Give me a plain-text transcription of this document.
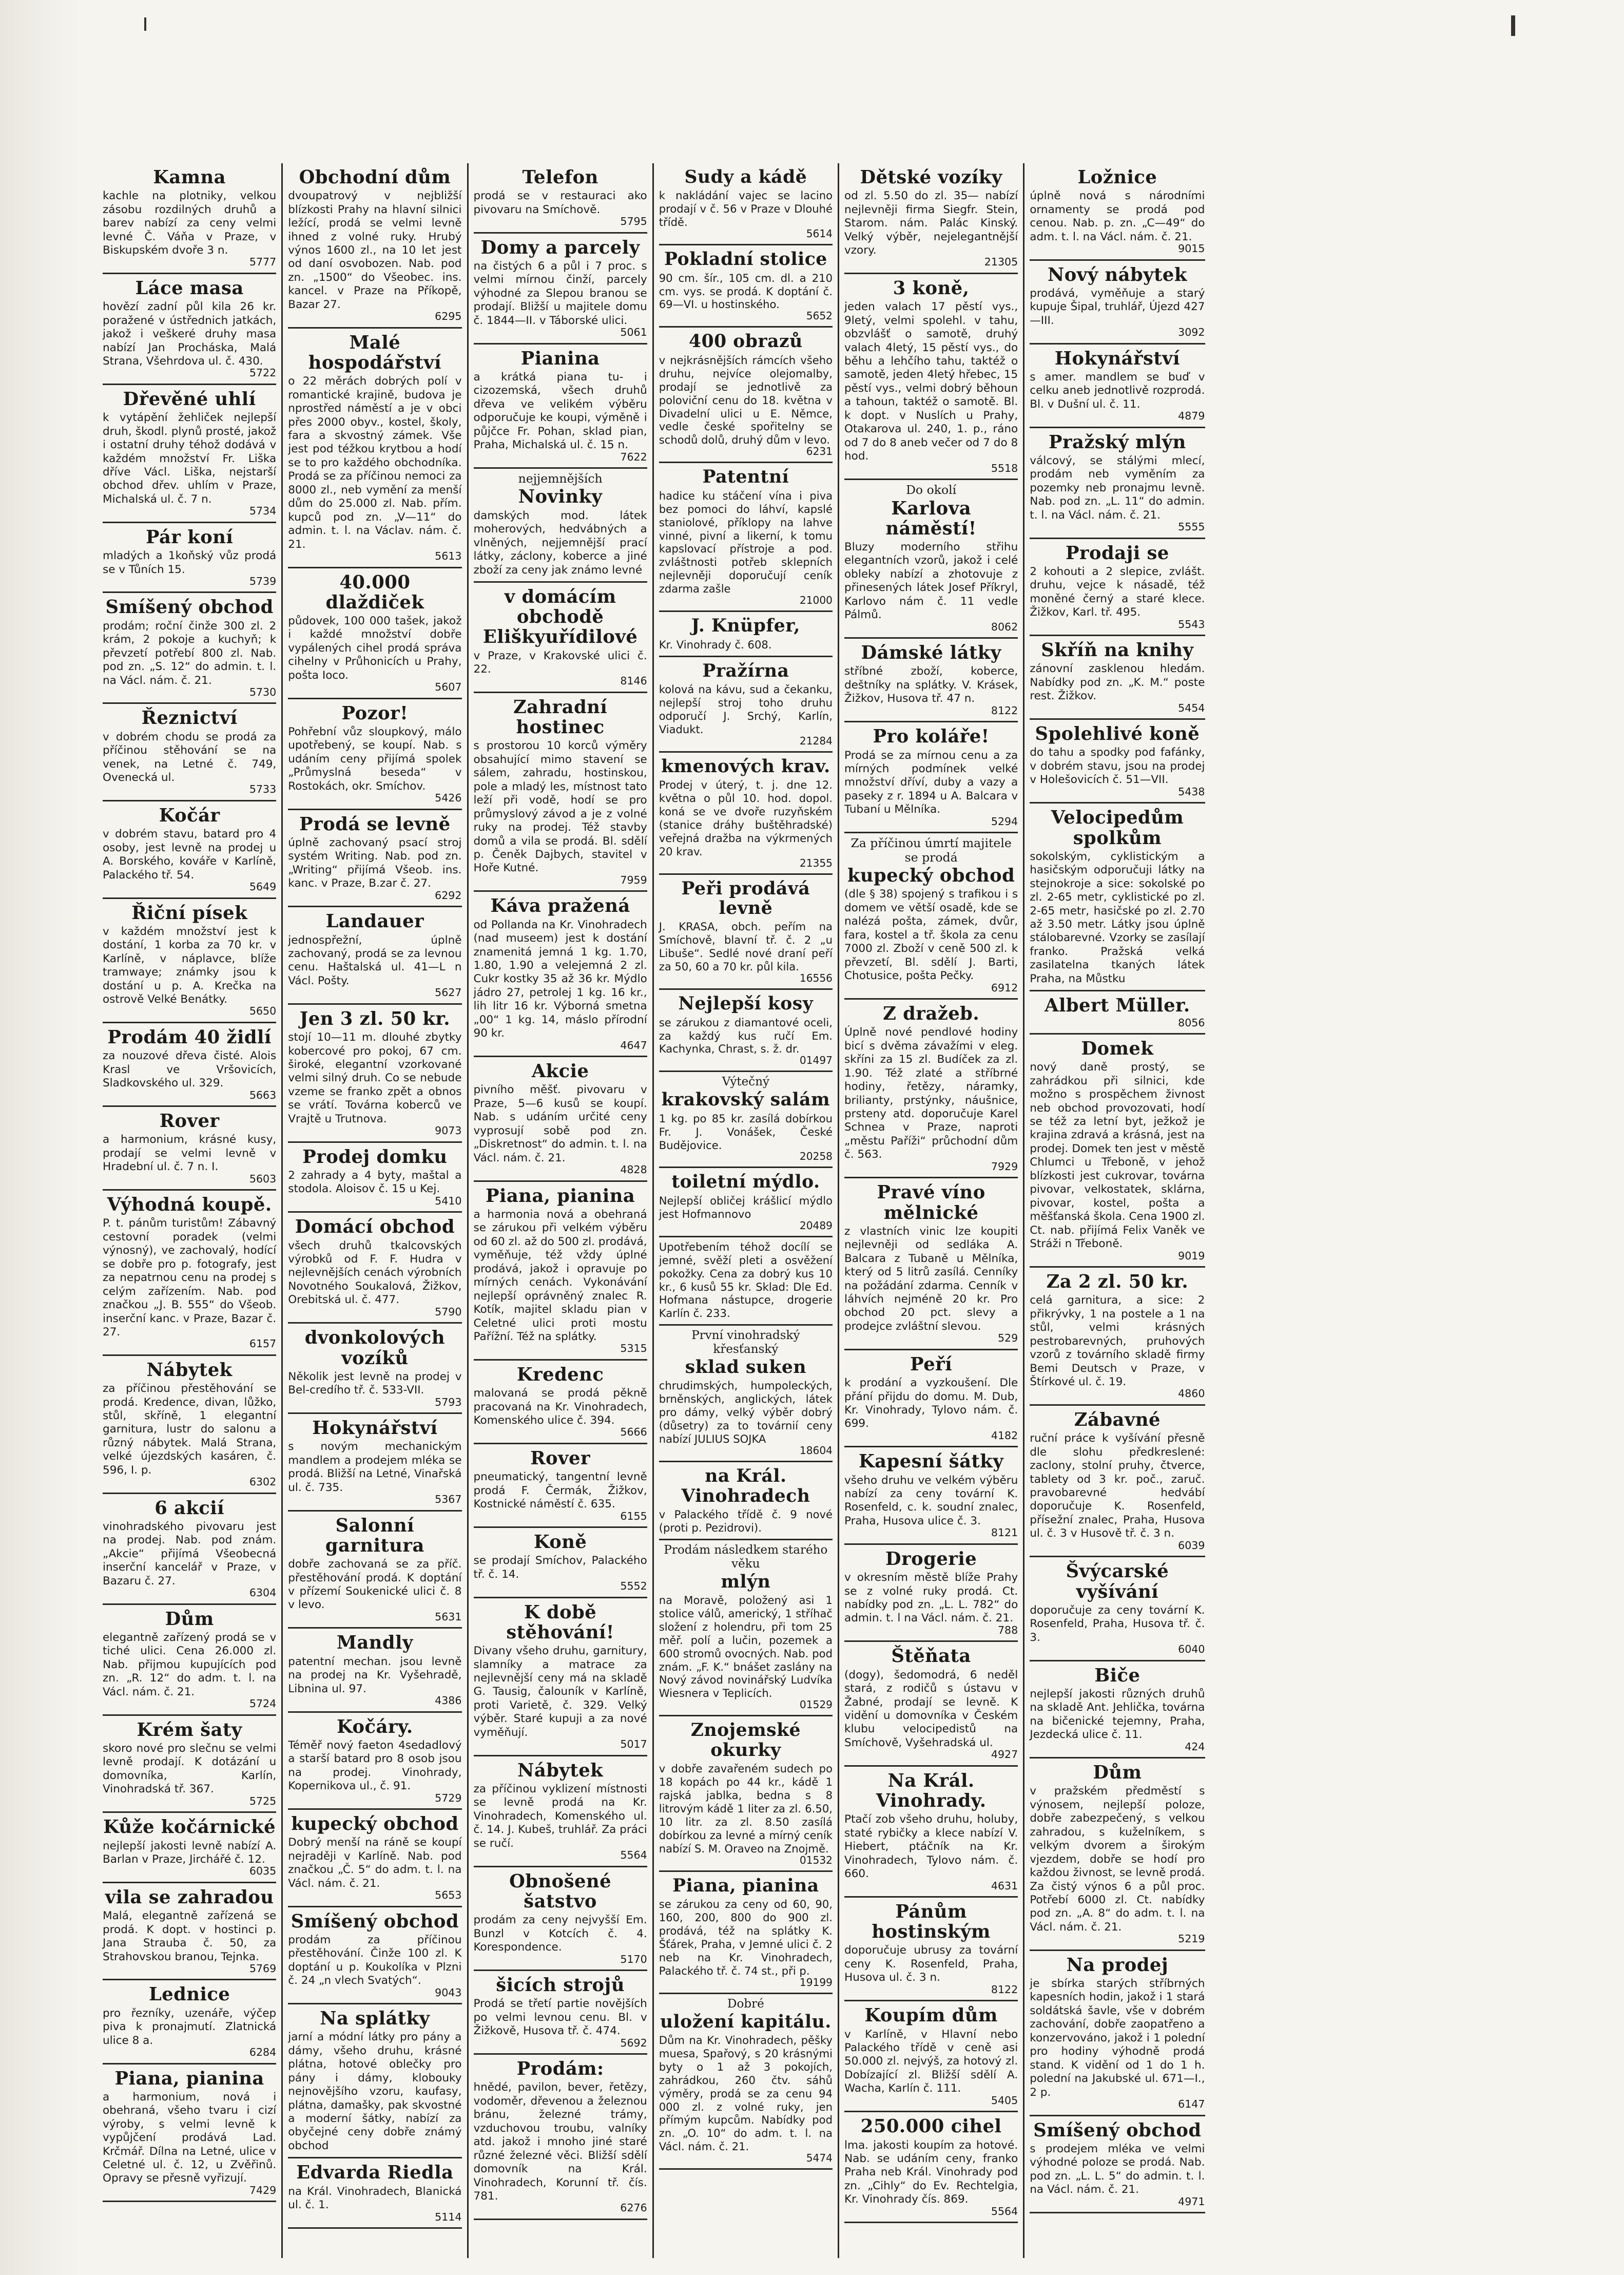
Kamna
kachle na plotniky, velkou zásobu rozdilných druhů a barev nabízí za ceny velmi levné Č. Váňa v Praze, v Biskupském dvoře 3 n.
5777
Láce masa
hovězí zadní půl kila 26 kr. poražené v ústřednich jatkách, jakož i veškeré druhy masa nabízí Jan Procháska, Malá Strana, Všehrdova ul. č. 430.
5722
Dřevěné uhlí
k vytápění žehliček nejlepší druh, škodl. plynů prosté, jakož i ostatní druhy téhož dodává v každém množství Fr. Liška dříve Václ. Liška, nejstarší obchod dřev. uhlím v Praze, Michalská ul. č. 7 n.
5734
Pár koní
mladých a 1koňský vůz prodá se v Tůních 15.
5739
Smíšený obchod
prodám; roční činže 300 zl. 2 krám, 2 pokoje a kuchyň; k převzetí potřebí 800 zl. Nab. pod zn. „S. 12“ do admin. t. l. na Václ. nám. č. 21.
5730
Řeznictví
v dobrém chodu se prodá za příčinou stěhování se na venek, na Letné č. 749, Ovenecká ul.
5733
Kočár
v dobrém stavu, batard pro 4 osoby, jest levně na prodej u A. Borského, kováře v Karlíně, Palackého tř. 54.
5649
Řiční písek
v každém množství jest k dostání, 1 korba za 70 kr. v Karlíně, v náplavce, blíže tramwaye; známky jsou k dostání u p. A. Krečka na ostrově Velké Benátky.
5650
Prodám 40 židlí
za nouzové dřeva čisté. Alois Krasl ve Vršovicích, Sladkovského ul. 329.
5663
Rover
a harmonium, krásné kusy, prodají se velmi levně v Hradební ul. č. 7 n. I.
5603
Výhodná koupě.
P. t. pánům turistům! Zábavný cestovní poradek (velmi výnosný), ve zachovalý, hodící se dobře pro p. fotografy, jest za nepatrnou cenu na prodej s celým zařízením. Nab. pod značkou „J. B. 555“ do Všeob. inserční kanc. v Praze, Bazar č. 27.
6157
Nábytek
za příčinou přestěhování se prodá. Kredence, divan, lůžko, stůl, skříně, 1 elegantní garnitura, lustr do salonu a různý nábytek. Malá Strana, velké újezdských kasáren, č. 596, I. p.
6302
6 akcií
vinohradského pivovaru jest na prodej. Nab. pod znám. „Akcie“ přijímá Všeobecná inserční kancelář v Praze, v Bazaru č. 27.
6304
Dům
elegantně zařízený prodá se v tiché ulici. Cena 26.000 zl. Nab. přijmou kupujících pod zn. „R. 12“ do adm. t. l. na Václ. nám. č. 21.
5724
Krém šaty
skoro nové pro slečnu se velmi levně prodají. K dotázání u domovníka, Karlín, Vinohradská tř. 367.
5725
Kůže kočárnické
nejlepší jakosti levně nabízí A. Barlan v Praze, Jirchářé č. 12.
6035
vila se zahradou
Malá, elegantně zařízená se prodá. K dopt. v hostinci p. Jana Strauba č. 50, za Strahovskou branou, Tejnka.
5769
Lednice
pro řezníky, uzenáře, výčep piva k pronajmutí. Zlatnická ulice 8 a.
6284
Piana, pianina
a harmonium, nová i obehraná, všeho tvaru i cizí výroby, s velmi levně k vypůjčení prodává Lad. Krčmář. Dílna na Letné, ulice v Celetné ul. č. 12, u Zvěřinů. Opravy se přesně vyřizují.
7429
Obchodní dům
dvoupatrový v nejbližší blízkosti Prahy na hlavní silnici ležící, prodá se velmi levně ihned z volné ruky. Hrubý výnos 1600 zl., na 10 let jest od daní osvobozen. Nab. pod zn. „1500“ do Všeobec. ins. kancel. v Praze na Příkopě, Bazar 27.
6295
Malé hospodářství
o 22 měrách dobrých polí v romantické krajině, budova je nprostřed náměstí a je v obci přes 2000 obyv., kostel, školy, fara a skvostný zámek. Vše jest pod téžkou krytbou a hodí se to pro každého obchodníka. Prodá se za příčinou nemoci za 8000 zl., neb vymění za menší dům do 25.000 zl. Nab. přím. kupců pod zn. „V—11“ do admin. t. l. na Václav. nám. č. 21.
5613
40.000 dlaždiček
půdovek, 100 000 tašek, jakož i každé množství dobře vypálených cihel prodá správa cihelny v Průhonicích u Prahy, pošta Ioco.
5607
Pozor!
Pohřební vůz sloupkový, málo upotřebený, se koupí. Nab. s udáním ceny přijímá spolek „Průmyslná beseda“ v Rostokách, okr. Smíchov.
5426
Prodá se levně
úplně zachovaný psací stroj systém Writing. Nab. pod zn. „Writing“ přijímá Všeob. ins. kanc. v Praze, B.zar č. 27.
6292
Landauer
jednospřežní, úplně zachovaný, prodá se za levnou cenu. Haštalská ul. 41—L n Václ. Pošty.
5627
Jen 3 zl. 50 kr.
stojí 10—11 m. dlouhé zbytky kobercové pro pokoj, 67 cm. široké, elegantní vzorkované velmi silný druh. Co se nebude vzeme se franko zpět a obnos se vrátí. Továrna koberců ve Vrajtě u Trutnova.
9073
Prodej domku
2 zahrady a 4 byty, maštal a stodola. Aloisov č. 15 u Kej.
5410
Domácí obchod
všech druhů tkalcovských výrobků od F. F. Hudra v nejlevnějších cenách výrobních Novotného Soukalová, Žižkov, Orebitská ul. č. 477.
5790
dvonkolových vozíků
Několik jest levně na prodej v Bel-credího tř. č. 533-VII.
5793
Hokynářství
s novým mechanickým mandlem a prodejem mléka se prodá. Bližší na Letné, Vinařská ul. č. 735.
5367
Salonní garnitura
dobře zachovaná se za příč. přestěhování prodá. K doptání v přízemí Soukenické ulici č. 8 v levo.
5631
Mandly
patentní mechan. jsou levně na prodej na Kr. Vyšehradě, Libnina ul. 97.
4386
Kočáry.
Téměř nový faeton 4sedadlový a starší batard pro 8 osob jsou na prodej. Vinohrady, Kopernikova ul., č. 91.
5729
kupecký obchod
Dobrý menší na ráně se koupí nejraději v Karlíně. Nab. pod značkou „Č. 5“ do adm. t. l. na Václ. nám. č. 21.
5653
Smíšený obchod
prodám za příčinou přestěhování. Činže 100 zl. K doptání u p. Koukolíka v Plzni č. 24 „n vlech Svatých“.
9043
Na splátky
jarní a módní látky pro pány a dámy, všeho druhu, krásné plátna, hotové oblečky pro pány i dámy, klobouky nejnovějšího vzoru, kaufasy, plátna, damašky, pak skvostné a moderní šátky, nabízí za obyčejné ceny dobře známý obchod
Edvarda Riedla
na Král. Vinohradech, Blanická ul. č. 1.
5114
Telefon
prodá se v restauraci ako pivovaru na Smíchově.
5795
Domy a parcely
na čistých 6 a půl i 7 proc. s velmi mírnou činží, parcely výhodné za Slepou branou se prodají. Bližší u majitele domu č. 1844—II. v Táborské ulici.
5061
Pianina
a krátká piana tu- i cizozemská, všech druhů dřeva ve velikém výběru odporučuje ke koupi, výměně i půjčce Fr. Pohan, sklad pian, Praha, Michalská ul. č. 15 n.
7622
nejjemnějších
Novinky
damských mod. látek moherových, hedvábných a vlněných, nejjemnější prací látky, záclony, koberce a jiné zboží za ceny jak známo levné
v domácím obchodě Eliškyuřídilové
v Praze, v Krakovské ulici č. 22.
8146
Zahradní hostinec
s prostorou 10 korců výměry obsahující mimo stavení se sálem, zahradu, hostinskou, pole a mladý les, místnost tato leží při vodě, hodí se pro průmyslový závod a je z volné ruky na prodej. Též stavby domů a vila se prodá. Bl. sdělí p. Čeněk Dajbych, stavitel v Hoře Kutné.
7959
Káva pražená
od Pollanda na Kr. Vinohradech (nad museem) jest k dostání znamenitá jemná 1 kg. 1.70, 1.80, 1.90 a velejemná 2 zl. Cukr kostky 35 až 36 kr. Mýdlo jádro 27, petrolej 1 kg. 16 kr., lih litr 16 kr. Výborná smetna „00“ 1 kg. 14, máslo přírodní 90 kr.
4647
Akcie
pivního měšť. pivovaru v Praze, 5—6 kusů se koupí. Nab. s udáním určité ceny vyprosují sobě pod zn. „Diskretnost“ do admin. t. l. na Václ. nám. č. 21.
4828
Piana, pianina
a harmonia nová a obehraná se zárukou při velkém výběru od 60 zl. až do 500 zl. prodává, vyměňuje, též vždy úplné prodává, jakož i opravuje po mírných cenách. Vykonávání nejlepší oprávněný znalec R. Kotík, majitel skladu pian v Celetné ulici proti mostu Pařížní. Též na splátky.
5315
Kredenc
malovaná se prodá pěkně pracovaná na Kr. Vinohradech, Komenského ulice č. 394.
5666
Rover
pneumatický, tangentní levně prodá F. Čermák, Žižkov, Kostnické náměstí č. 635.
6155
Koně
se prodají Smíchov, Palackého tř. č. 14.
5552
K době stěhování!
Divany všeho druhu, garnitury, slamníky a matrace za nejlevnější ceny má na skladě G. Tausig, čalouník v Karlíně, proti Varietě, č. 329. Velký výběr. Staré kupuji a za nové vyměňují.
5017
Nábytek
za příčinou vyklizení místnosti se levně prodá na Kr. Vinohradech, Komenského ul. č. 14. J. Kubeš, truhlář. Za práci se ručí.
5564
Obnošené šatstvo
prodám za ceny nejvyšší Em. Bunzl v Kotcích č. 4. Korespondence.
5170
šicích strojů
Prodá se třetí partie novějších po velmi levnou cenu. Bl. v Žižkově, Husova tř. č. 474.
5692
Prodám:
hnědé, pavilon, bever, řetězy, vodoměr, dřevenou a železnou bránu, železné trámy, vzduchovou troubu, valníky atd. jakož i mnoho jiné staré různé železné věci. Bližší sdělí domovník na Král. Vinohradech, Korunní tř. čís. 781.
6276
Sudy a kádě
k nakládání vajec se lacino prodají v č. 56 v Praze v Dlouhé třídě.
5614
Pokladní stolice
90 cm. šír., 105 cm. dl. a 210 cm. vys. se prodá. K doptání č. 69—VI. u hostinského.
5652
400 obrazů
v nejkrásnějších rámcích všeho druhu, nejvíce olejomalby, prodají se jednotlivě za poloviční cenu do 18. května v Divadelní ulici u E. Němce, vedle české spořitelny se schodů dolů, druhý dům v levo.
6231
Patentní
hadice ku stáčení vína i piva bez pomoci do láhví, kapslé staniolové, příklopy na lahve vinné, pivní a likerní, k tomu kapslovací přístroje a pod. zvláštnosti potřeb sklepních nejlevněji doporučují ceník zdarma zašle
21000
J. Knüpfer,
Kr. Vinohrady č. 608.
Pražírna
kolová na kávu, sud a čekanku, nejlepší stroj toho druhu odporučí J. Srchý, Karlín, Viadukt.
21284
kmenových krav.
Prodej v úterý, t. j. dne 12. května o půl 10. hod. dopol. koná se ve dvoře ruzyňském (stanice dráhy buštěhradské) veřejná dražba na výkrmených 20 krav.
21355
Peři prodává levně
J. KRASA, obch. peřím na Smíchově, blavní tř. č. 2 „u Libuše“. Sedlé nové draní peří za 50, 60 a 70 kr. půl kila.
16556
Nejlepší kosy
se zárukou z diamantové oceli, za každý kus ručí Em. Kachynka, Chrast, s. ž. dr.
01497
Výtečný
krakovský salám
1 kg. po 85 kr. zasílá dobírkou Fr. J. Vonášek, České Budějovice.
20258
toiletní mýdlo.
Nejlepší obličej krášlicí mýdlo jest Hofmannovo
20489
Upotřebením téhož docílí se jemné, svěží pleti a osvěžení pokožky. Cena za dobrý kus 10 kr., 6 kusů 55 kr. Sklad: Dle Ed. Hofmana nástupce, drogerie Karlín č. 233.
První vinohradský křesťanský
sklad suken
chrudimských, humpoleckých, brněnských, anglických, látek pro dámy, velký výběr dobrý (důsetry) za to továrnií ceny nabízí JULIUS SOJKA
18604
na Král. Vinohradech
v Palackého třídě č. 9 nové (proti p. Pezidrovi).
Prodám následkem starého věku
mlýn
na Moravě, položený asi 1 stolice válů, americký, 1 stříhač složení z holendru, při tom 25 měř. polí a lučin, pozemek a 600 stromů ovocných. Nab. pod znám. „F. K.“ bnášet zaslány na Nový závod novinářský Ludvíka Wiesnera v Teplicích.
01529
Znojemské okurky
v dobře zavařeném sudech po 18 kopách po 44 kr., kádě 1 rajská jablka, bedna s 8 litrovým kádě 1 liter za zl. 6.50, 10 litr. za zl. 8.50 zasílá dobírkou za levné a mírný ceník nabízí S. M. Oraveo na Znojmě.
01532
Piana, pianina
se zárukou za ceny od 60, 90, 160, 200, 800 do 900 zl. prodává, též na splátky K. Šťárek, Praha, v Jemné ulici č. 2 neb na Kr. Vinohradech, Palackého tř. č. 74 st., při p.
19199
Dobré
uložení kapitálu.
Dům na Kr. Vinohradech, pěšky muesa, Spařový, s 20 krásnými byty o 1 až 3 pokojích, zahrádkou, 260 čtv. sáhů výměry, prodá se za cenu 94 000 zl. z volné ruky, jen přímým kupcům. Nabídky pod zn. „O. 10“ do adm. t. l. na Václ. nám. č. 21.
5474
Dětské vozíky
od zl. 5.50 do zl. 35— nabízí nejlevněji firma Siegfr. Stein, Starom. nám. Palác Kinský. Velký výběr, nejelegantnější vzory.
21305
3 koně,
jeden valach 17 pěstí vys., 9letý, velmi spolehl. v tahu, obzvlášť o samotě, druhý valach 4letý, 15 pěstí vys., do běhu a lehčího tahu, taktéž o samotě, jeden 4letý hřebec, 15 pěstí vys., velmi dobrý běhoun a tahoun, taktéž o samotě. Bl. k dopt. v Nuslích u Prahy, Otakarova ul. 240, 1. p., ráno od 7 do 8 aneb večer od 7 do 8 hod.
5518
Do okolí
Karlova náměstí!
Bluzy moderního střihu elegantních vzorů, jakož i celé obleky nabízí a zhotovuje z přinesených látek Josef Příkryl, Karlovo nám č. 11 vedle Pálmů.
8062
Dámské látky
stříbné zboží, koberce, deštníky na splátky. V. Krásek, Žižkov, Husova tř. 47 n.
8122
Pro koláře!
Prodá se za mírnou cenu a za mírných podmínek velké množství dříví, duby a vazy a paseky z r. 1894 u A. Balcara v Tubaní u Mělníka.
5294
Za příčinou úmrtí majitele se prodá
kupecký obchod
(dle § 38) spojený s trafikou i s domem ve větší osadě, kde se nalézá pošta, zámek, dvůr, fara, kostel a tř. škola za cenu 7000 zl. Zboží v ceně 500 zl. k převzetí, Bl. sdělí J. Barti, Chotusice, pošta Pečky.
6912
Z dražeb.
Úplně nové pendlové hodiny bicí s dvěma závažími v eleg. skříni za 15 zl. Budíček za zl. 1.90. Též zlaté a stříbrné hodiny, řetězy, náramky, brilianty, prstýnky, náušnice, prsteny atd. doporučuje Karel Schnea v Praze, naproti „městu Paříži“ průchodní dům č. 563.
7929
Pravé víno mělnické
z vlastních vinic lze koupiti nejlevněji od sedláka A. Balcara z Tubaně u Mělníka, který od 5 litrů zasílá. Cenníky na požádání zdarma. Cenník v láhvích nejméně 20 kr. Pro obchod 20 pct. slevy a prodejce zvláštní slevou.
529
Peří
k prodání a vyzkoušení. Dle přání přijdu do domu. M. Dub, Kr. Vinohrady, Tylovo nám. č. 699.
4182
Kapesní šátky
všeho druhu ve velkém výběru nabízí za ceny tovární K. Rosenfeld, c. k. soudní znalec, Praha, Husova ulice č. 3.
8121
Drogerie
v okresním městě blíže Prahy se z volné ruky prodá. Ct. nabídky pod zn. „L. L. 782“ do admin. t. l na Václ. nám. č. 21.
788
Štěňata
(dogy), šedomodrá, 6 neděl stará, z rodičů s ústavu v Žabné, prodají se levně. K vidění u domovníka v Českém klubu velocipedistů na Smíchově, Vyšehradská ul.
4927
Na Král. Vinohrady.
Ptačí zob všeho druhu, holuby, staté rybičky a klece nabízí V. Hiebert, ptáčník na Kr. Vinohradech, Tylovo nám. č. 660.
4631
Pánům hostinským
doporučuje ubrusy za tovární ceny K. Rosenfeld, Praha, Husova ul. č. 3 n.
8122
Koupím dům
v Karlíně, v Hlavní nebo Palackého třídě v ceně asi 50.000 zl. nejvýš, za hotový zl. Dobízající zl. Bližší sdělí A. Wacha, Karlín č. 111.
5405
250.000 cihel
lma. jakosti koupím za hotové. Nab. se udáním ceny, franko Praha neb Král. Vinohrady pod zn. „Cihly“ do Ev. Rechtelgia, Kr. Vinohrady čís. 869.
5564
Ložnice
úplně nová s národními ornamenty se prodá pod cenou. Nab. p. zn. „C—49“ do adm. t. l. na Václ. nám. č. 21.
9015
Nový nábytek
prodává, vyměňuje a starý kupuje Šipal, truhlář, Újezd 427—III.
3092
Hokynářství
s amer. mandlem se buď v celku aneb jednotlivě rozprodá. Bl. v Dušní ul. č. 11.
4879
Pražský mlýn
válcový, se stálými mlecí, prodám neb vyměním za pozemky neb pronajmu levně. Nab. pod zn. „L. 11“ do admin. t. l. na Václ. nám. č. 21.
5555
Prodaji se
2 kohouti a 2 slepice, zvlášt. druhu, vejce k násadě, též moněné černý a staré klece. Žižkov, Karl. tř. 495.
5543
Skříň na knihy
zánovní zasklenou hledám. Nabídky pod zn. „K. M.“ poste rest. Žižkov.
5454
Spolehlivé koně
do tahu a spodky pod fafánky, v dobrém stavu, jsou na prodej v Holešovicích č. 51—VII.
5438
Velocipedům spolkům
sokolským, cyklistickým a hasičským odporučuji látky na stejnokroje a sice: sokolské po zl. 2-65 metr, cyklistické po zl. 2-65 metr, hasičské po zl. 2.70 až 3.50 metr. Látky jsou úplně stálobarevné. Vzorky se zasílají franko. Pražská velká zasilatelna tkaných látek Praha, na Můstku
Albert Müller.
8056
Domek
nový daně prostý, se zahrádkou při silnici, kde možno s prospěchem živnost neb obchod provozovati, hodí se též za letní byt, ježkož je krajina zdravá a krásná, jest na prodej. Domek ten jest v městě Chlumci u Třeboně, v jehož blízkosti jest cukrovar, továrna pivovar, velkostatek, sklárna, pivovar, kostel, pošta a měšťanská škola. Cena 1900 zl. Ct. nab. přijímá Felix Vaněk ve Stráži n Třeboně.
9019
Za 2 zl. 50 kr.
celá garnitura, a sice: 2 přikrývky, 1 na postele a 1 na stůl, velmi krásných pestrobarevných, pruhových vzorů z továrního skladě firmy Bemi Deutsch v Praze, v Štírkové ul. č. 19.
4860
Zábavné
ruční práce k vyšívání přesně dle slohu předkreslené: zaclony, stolní pruhy, čtverce, tablety od 3 kr. poč., zaruč. pravobarevné hedvábí doporučuje K. Rosenfeld, přísežní znalec, Praha, Husova ul. č. 3 v Husově tř. č. 3 n.
6039
Švýcarské vyšívání
doporučuje za ceny tovární K. Rosenfeld, Praha, Husova tř. č. 3.
6040
Biče
nejlepší jakosti různých druhů na skladě Ant. Jehlička, továrna na bičenické tejemny, Praha, Jezdecká ulice č. 11.
424
Dům
v pražském předměstí s výnosem, nejlepší poloze, dobře zabezpečený, s velkou zahradou, s kuželníkem, s velkým dvorem a širokým vjezdem, dobře se hodí pro každou živnost, se levně prodá. Za čistý výnos 6 a půl proc. Potřebí 6000 zl. Ct. nabídky pod zn. „A. 8“ do adm. t. l. na Václ. nám. č. 21.
5219
Na prodej
je sbírka starých stříbrných kapesních hodin, jakož i 1 stará soldátská šavle, vše v dobrém zachování, dobře zaopatřeno a konzervováno, jakož i 1 polední pro hodiny výhodně prodá stand. K vidění od 1 do 1 h. polední na Jakubské ul. 671—I., 2 p.
6147
Smíšený obchod
s prodejem mléka ve velmi výhodné poloze se prodá. Nab. pod zn. „L. L. 5“ do admin. t. l. na Václ. nám. č. 21.
4971
